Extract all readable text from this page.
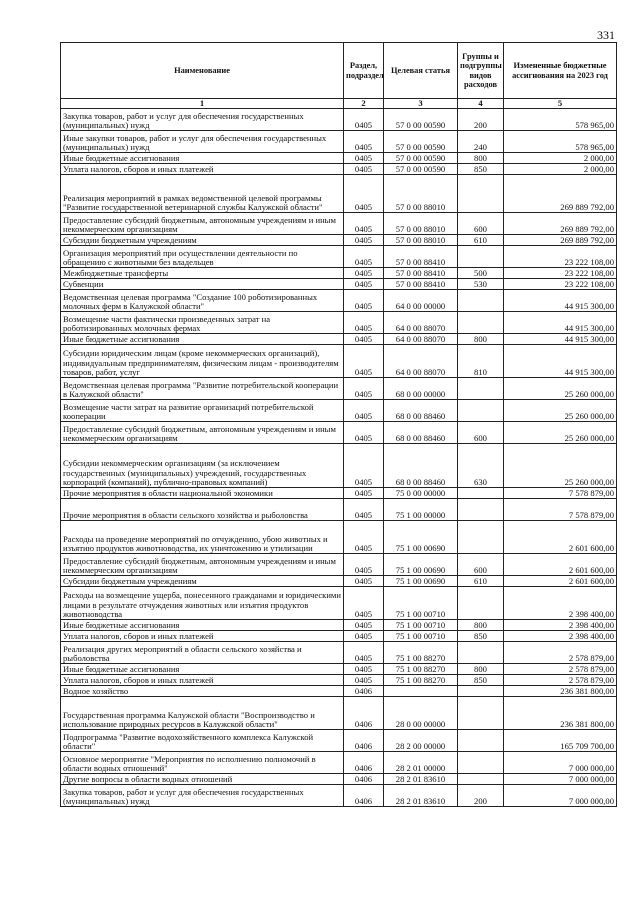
331
Наименование	Раздел, подраздел	Целевая статья	Группы и подгруппы видов расходов	Измененные бюджетные ассигнования на 2023 год
1	2	3	4	5
Закупка товаров, работ и услуг для обеспечения государственных (муниципальных) нужд	0405	57 0 00 00590	200	578 965,00
Иные закупки товаров, работ и услуг для обеспечения государственных (муниципальных) нужд	0405	57 0 00 00590	240	578 965,00
Иные бюджетные ассигнования	0405	57 0 00 00590	800	2 000,00
Уплата налогов, сборов и иных платежей	0405	57 0 00 00590	850	2 000,00
Реализация мероприятий в рамках ведомственной целевой программы "Развитие государственной ветеринарной службы Калужской области"	0405	57 0 00 88010		269 889 792,00
Предоставление субсидий бюджетным, автономным учреждениям и иным некоммерческим организациям	0405	57 0 00 88010	600	269 889 792,00
Субсидии бюджетным учреждениям	0405	57 0 00 88010	610	269 889 792,00
Организация мероприятий при осуществлении деятельности по обращению с животными без владельцев	0405	57 0 00 88410		23 222 108,00
Межбюджетные трансферты	0405	57 0 00 88410	500	23 222 108,00
Субвенции	0405	57 0 00 88410	530	23 222 108,00
Ведомственная целевая программа "Создание 100 роботизированных молочных ферм в Калужской области"	0405	64 0 00 00000		44 915 300,00
Возмещение части фактически произведенных затрат на роботизированных молочных фермах	0405	64 0 00 88070		44 915 300,00
Иные бюджетные ассигнования	0405	64 0 00 88070	800	44 915 300,00
Субсидии юридическим лицам (кроме некоммерческих организаций), индивидуальным предпринимателям, физическим лицам - производителям товаров, работ, услуг	0405	64 0 00 88070	810	44 915 300,00
Ведомственная целевая программа "Развитие потребительской кооперации в Калужской области"	0405	68 0 00 00000		25 260 000,00
Возмещение части затрат на развитие организаций потребительской кооперации	0405	68 0 00 88460		25 260 000,00
Предоставление субсидий бюджетным, автономным учреждениям и иным некоммерческим организациям	0405	68 0 00 88460	600	25 260 000,00
Субсидии некоммерческим организациям (за исключением государственных (муниципальных) учреждений, государственных корпораций (компаний), публично-правовых компаний)	0405	68 0 00 88460	630	25 260 000,00
Прочие мероприятия в области национальной экономики	0405	75 0 00 00000		7 578 879,00
Прочие мероприятия в области сельского хозяйства и рыболовства	0405	75 1 00 00000		7 578 879,00
Расходы на проведение мероприятий по отчуждению, убою животных и изъятию продуктов животноводства, их уничтожению и утилизации	0405	75 1 00 00690		2 601 600,00
Предоставление субсидий бюджетным, автономным учреждениям и иным некоммерческим организациям	0405	75 1 00 00690	600	2 601 600,00
Субсидии бюджетным учреждениям	0405	75 1 00 00690	610	2 601 600,00
Расходы на возмещение ущерба, понесенного гражданами и юридическими лицами в результате отчуждения животных или изъятия продуктов животноводства	0405	75 1 00 00710		2 398 400,00
Иные бюджетные ассигнования	0405	75 1 00 00710	800	2 398 400,00
Уплата налогов, сборов и иных платежей	0405	75 1 00 00710	850	2 398 400,00
Реализация других мероприятий в области сельского хозяйства и рыболовства	0405	75 1 00 88270		2 578 879,00
Иные бюджетные ассигнования	0405	75 1 00 88270	800	2 578 879,00
Уплата налогов, сборов и иных платежей	0405	75 1 00 88270	850	2 578 879,00
Водное хозяйство	0406			236 381 800,00
Государственная программа Калужской области "Воспроизводство и использование природных ресурсов в Калужской области"	0406	28 0 00 00000		236 381 800,00
Подпрограмма "Развитие водохозяйственного комплекса Калужской области"	0406	28 2 00 00000		165 709 700,00
Основное мероприятие "Мероприятия по исполнению полномочий в области водных отношений"	0406	28 2 01 00000		7 000 000,00
Другие вопросы в области водных отношений	0406	28 2 01 83610		7 000 000,00
Закупка товаров, работ и услуг для обеспечения государственных (муниципальных) нужд	0406	28 2 01 83610	200	7 000 000,00
